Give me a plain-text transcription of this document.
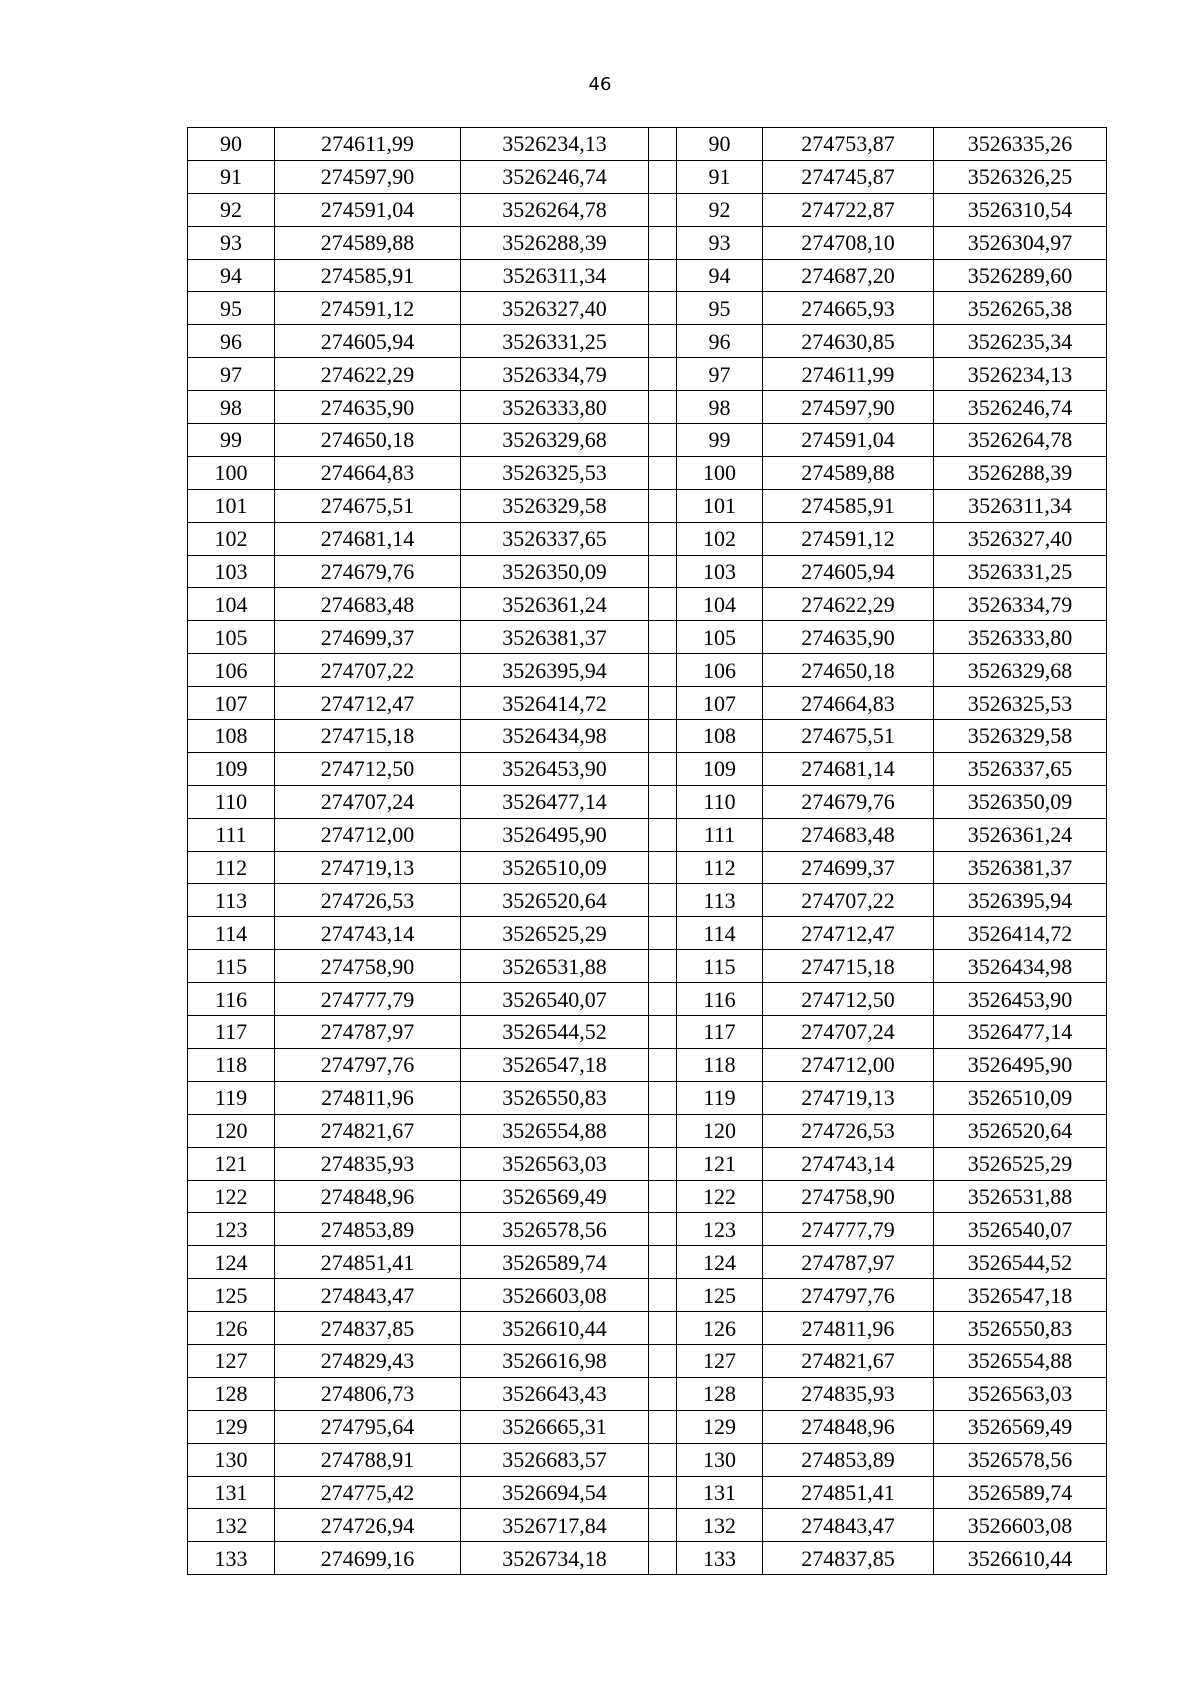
46
90	274611,99	3526234,13		90	274753,87	3526335,26
91	274597,90	3526246,74		91	274745,87	3526326,25
92	274591,04	3526264,78		92	274722,87	3526310,54
93	274589,88	3526288,39		93	274708,10	3526304,97
94	274585,91	3526311,34		94	274687,20	3526289,60
95	274591,12	3526327,40		95	274665,93	3526265,38
96	274605,94	3526331,25		96	274630,85	3526235,34
97	274622,29	3526334,79		97	274611,99	3526234,13
98	274635,90	3526333,80		98	274597,90	3526246,74
99	274650,18	3526329,68		99	274591,04	3526264,78
100	274664,83	3526325,53		100	274589,88	3526288,39
101	274675,51	3526329,58		101	274585,91	3526311,34
102	274681,14	3526337,65		102	274591,12	3526327,40
103	274679,76	3526350,09		103	274605,94	3526331,25
104	274683,48	3526361,24		104	274622,29	3526334,79
105	274699,37	3526381,37		105	274635,90	3526333,80
106	274707,22	3526395,94		106	274650,18	3526329,68
107	274712,47	3526414,72		107	274664,83	3526325,53
108	274715,18	3526434,98		108	274675,51	3526329,58
109	274712,50	3526453,90		109	274681,14	3526337,65
110	274707,24	3526477,14		110	274679,76	3526350,09
111	274712,00	3526495,90		111	274683,48	3526361,24
112	274719,13	3526510,09		112	274699,37	3526381,37
113	274726,53	3526520,64		113	274707,22	3526395,94
114	274743,14	3526525,29		114	274712,47	3526414,72
115	274758,90	3526531,88		115	274715,18	3526434,98
116	274777,79	3526540,07		116	274712,50	3526453,90
117	274787,97	3526544,52		117	274707,24	3526477,14
118	274797,76	3526547,18		118	274712,00	3526495,90
119	274811,96	3526550,83		119	274719,13	3526510,09
120	274821,67	3526554,88		120	274726,53	3526520,64
121	274835,93	3526563,03		121	274743,14	3526525,29
122	274848,96	3526569,49		122	274758,90	3526531,88
123	274853,89	3526578,56		123	274777,79	3526540,07
124	274851,41	3526589,74		124	274787,97	3526544,52
125	274843,47	3526603,08		125	274797,76	3526547,18
126	274837,85	3526610,44		126	274811,96	3526550,83
127	274829,43	3526616,98		127	274821,67	3526554,88
128	274806,73	3526643,43		128	274835,93	3526563,03
129	274795,64	3526665,31		129	274848,96	3526569,49
130	274788,91	3526683,57		130	274853,89	3526578,56
131	274775,42	3526694,54		131	274851,41	3526589,74
132	274726,94	3526717,84		132	274843,47	3526603,08
133	274699,16	3526734,18		133	274837,85	3526610,44
